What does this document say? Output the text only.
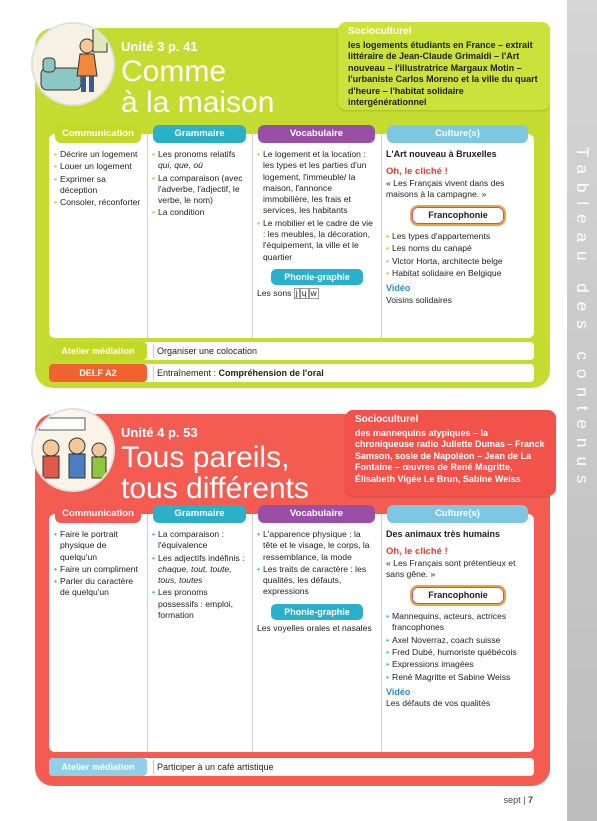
Tableau des contenus
Unité 3 p. 41
Comme
à la maison
Socioculturel
les logements étudiants en France – extrait littéraire de Jean-Claude Grimaldi – l'Art nouveau – l'illustratrice Margaux Motin – l'urbaniste Carlos Moreno et la ville du quart d'heure – l'habitat solidaire intergénérationnel
Communication
• Décrire un logement
• Louer un logement
• Exprimer sa déception
• Consoler, réconforter
Grammaire
• Les pronoms relatifs
qui, que, où
• La comparaison (avec l'adverbe, l'adjectif, le verbe, le nom)
• La condition
Vocabulaire
• Le logement et la location : les types et les parties d'un logement, l'immeuble/ la maison, l'annonce immobilière, les frais et services, les habitants
• Le mobilier et le cadre de vie : les meubles, la décoration, l'équipement, la ville et le quartier
Phonie-graphie
Les sons j ɥ w
Culture(s)
L'Art nouveau à Bruxelles
Oh, le cliché !
« Les Français vivent dans des maisons à la campagne. »
Francophonie
• Les types d'appartements
• Les noms du canapé
• Victor Horta, architecte belge
• Habitat solidaire en Belgique
Vidéo
Voisins solidaires
Atelier médiation	Organiser une colocation
DELF A2	Entraînement : Compréhension de l'oral
Unité 4 p. 53
Tous pareils,
tous différents
Socioculturel
des mannequins atypiques – la chroniqueuse radio Juliette Dumas – Franck Samson, sosie de Napoléon – Jean de La Fontaine – œuvres de René Magritte, Élisabeth Vigée Le Brun, Sabine Weiss
Communication
• Faire le portrait physique de quelqu'un
• Faire un compliment
• Parler du caractère de quelqu'un
Grammaire
• La comparaison : l'équivalence
• Les adjectifs indéfinis :
chaque, tout, toute, tous, toutes
• Les pronoms possessifs : emploi, formation
Vocabulaire
• L'apparence physique : la tête et le visage, le corps, la ressemblance, la mode
• Les traits de caractère : les qualités, les défauts, expressions
Phonie-graphie
Les voyelles orales et nasales
Culture(s)
Des animaux très humains
Oh, le cliché !
« Les Français sont prétentieux et sans gêne. »
Francophonie
• Mannequins, acteurs, actrices francophones
• Axel Noverraz, coach suisse
• Fred Dubé, humoriste québécois
• Expressions imagées
• René Magritte et Sabine Weiss
Vidéo
Les défauts de vos qualités
Atelier médiation	Participer à un café artistique
sept | 7
